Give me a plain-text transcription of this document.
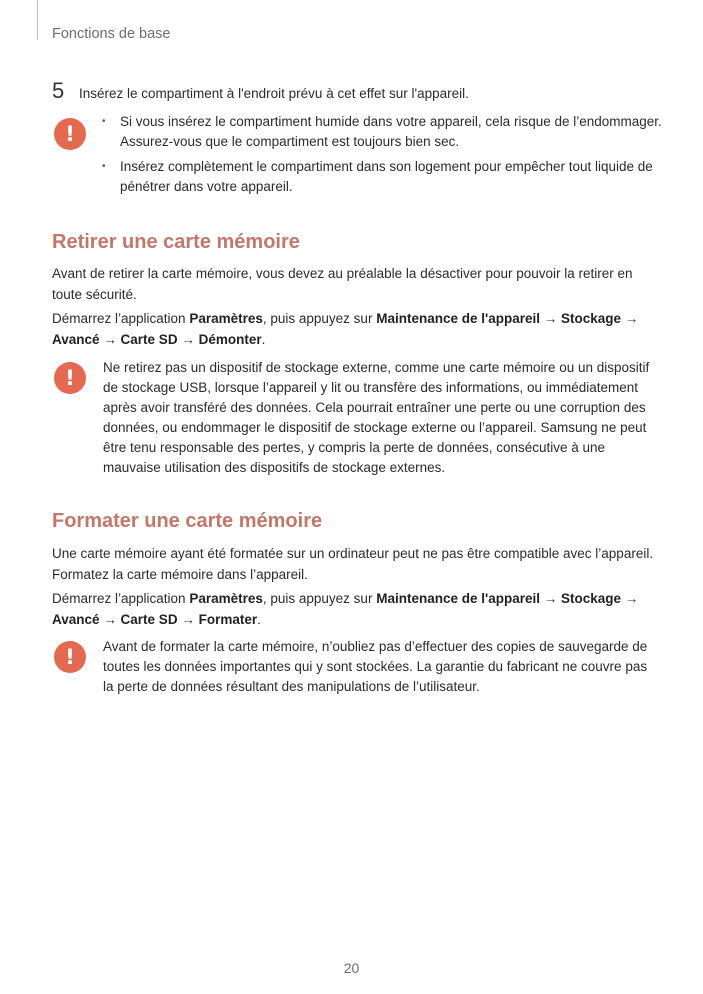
Fonctions de base
5 Insérez le compartiment à l'endroit prévu à cet effet sur l'appareil.
!
•	Si vous insérez le compartiment humide dans votre appareil, cela risque de l’endommager. Assurez-vous que le compartiment est toujours bien sec.
• Insérez complètement le compartiment dans son logement pour empêcher tout liquide de pénétrer dans votre appareil.
Retirer une carte mémoire

Avant de retirer la carte mémoire, vous devez au préalable la désactiver pour pouvoir la retirer en toute sécurité.

Démarrez l’application Paramètres, puis appuyez sur Maintenance de l'appareil → Stockage → Avancé → Carte SD → Démonter.

! Ne retirez pas un dispositif de stockage externe, comme une carte mémoire ou un dispositif de stockage USB, lorsque l’appareil y lit ou transfère des informations, ou immédiatement après avoir transféré des données. Cela pourrait entraîner une perte ou une corruption des données, ou endommager le dispositif de stockage externe ou l’appareil. Samsung ne peut être tenu responsable des pertes, y compris la perte de données, consécutive à une mauvaise utilisation des dispositifs de stockage externes.

Formater une carte mémoire

Une carte mémoire ayant été formatée sur un ordinateur peut ne pas être compatible avec l’appareil. Formatez la carte mémoire dans l’appareil.

Démarrez l’application Paramètres, puis appuyez sur Maintenance de l'appareil → Stockage → Avancé → Carte SD → Formater.

! Avant de formater la carte mémoire, n’oubliez pas d’effectuer des copies de sauvegarde de toutes les données importantes qui y sont stockées. La garantie du fabricant ne couvre pas la perte de données résultant des manipulations de l’utilisateur.

20
